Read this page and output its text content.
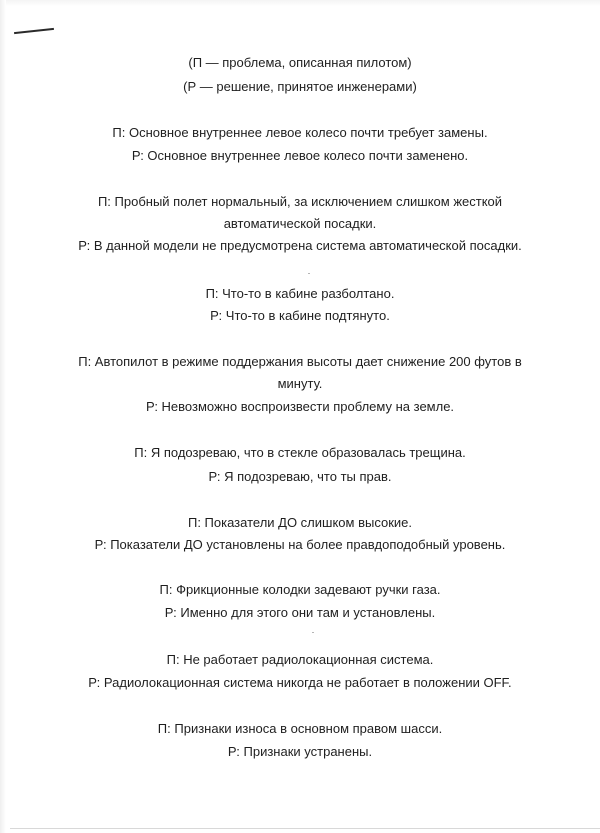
(П — проблема, описанная пилотом)
(Р — решение, принятое инженерами)
П: Основное внутреннее левое колесо почти требует замены.
Р: Основное внутреннее левое колесо почти заменено.
П: Пробный полет нормальный, за исключением слишком жесткой
автоматической посадки.
Р: В данной модели не предусмотрена система автоматической посадки.
П: Что-то в кабине разболтано.
Р: Что-то в кабине подтянуто.
П: Автопилот в режиме поддержания высоты дает снижение 200 футов в
минуту.
Р: Невозможно воспроизвести проблему на земле.
П: Я подозреваю, что в стекле образовалась трещина.
Р: Я подозреваю, что ты прав.
П: Показатели ДО слишком высокие.
Р: Показатели ДО установлены на более правдоподобный уровень.
П: Фрикционные колодки задевают ручки газа.
Р: Именно для этого они там и установлены.
П: Не работает радиолокационная система.
Р: Радиолокационная система никогда не работает в положении OFF.
П: Признаки износа в основном правом шасси.
Р: Признаки устранены.
